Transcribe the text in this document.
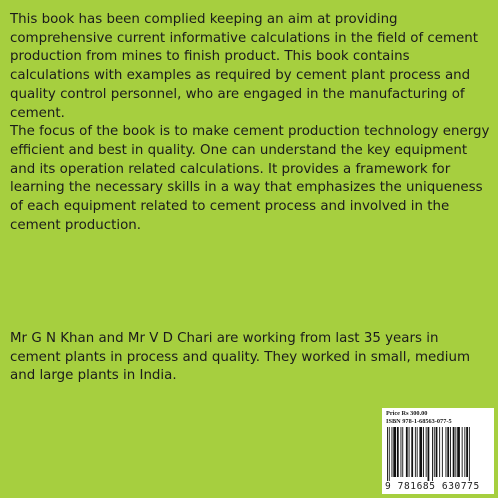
This book has been complied keeping an aim at providing comprehensive current informative calculations in the field of cement production from mines to finish product. This book contains calculations with examples as required by cement plant process and quality control personnel, who are engaged in the manufacturing of cement.

The focus of the book is to make cement production technology energy efficient and best in quality. One can understand the key equipment and its operation related calculations. It provides a framework for learning the necessary skills in a way that emphasizes the uniqueness of each equipment related to cement process and involved in the cement production.

Mr G N Khan and Mr V D Chari are working from last 35 years in cement plants in process and quality. They worked in small, medium and large plants in India.

Price Rs 300.00
ISBN 978-1-68563-077-5
9 781685 630775
